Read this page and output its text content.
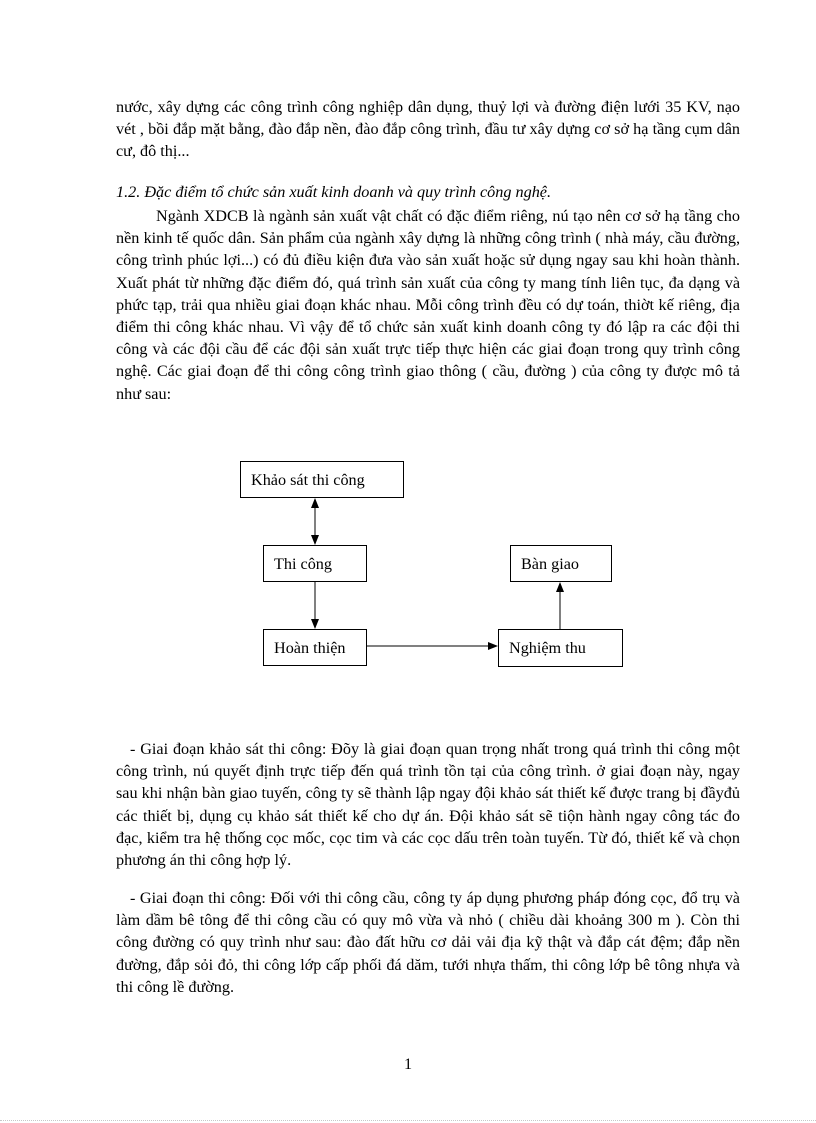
nước, xây dựng các công trình công nghiệp dân dụng, thuỷ lợi và đường điện lưới 35 KV, nạo vét , bồi đắp mặt bằng, đào đắp nền, đào đắp công trình, đầu tư xây dựng cơ sở hạ tầng cụm dân cư, đô thị...
1.2. Đặc điểm tổ chức sản xuất kinh doanh và quy trình công nghệ.
Ngành XDCB là ngành sản xuất vật chất có đặc điểm riêng, nú tạo nên cơ sở hạ tầng cho nền kinh tế quốc dân. Sản phẩm của ngành xây dựng là những công trình ( nhà máy, cầu đường, công trình phúc lợi...) có đủ điều kiện đưa vào sản xuất hoặc sử dụng ngay sau khi hoàn thành. Xuất phát từ những đặc điểm đó, quá trình sản xuất của công ty mang tính liên tục, đa dạng và phức tạp, trải qua nhiều giai đoạn khác nhau. Mỗi công trình đều có dự toán, thiờt kế riêng, địa điểm thi công khác nhau. Vì vậy để tổ chức sản xuất kinh doanh công ty đó lập ra các đội thi công và các đội cầu để các đội sản xuất trực tiếp thực hiện các giai đoạn trong quy trình công nghệ. Các giai đoạn để thi công công trình giao thông ( cầu, đường ) của công ty được mô tả như sau:
Khảo sát thi công
Thi công
Hoàn thiện	Nghiệm thu
Bàn giao
- Giai đoạn khảo sát thi công: Đõy là giai đoạn quan trọng nhất trong quá trình thi công một công trình, nú quyết định trực tiếp đến quá trình tồn tại của công trình. ở giai đoạn này, ngay sau khi nhận bàn giao tuyến, công ty sẽ thành lập ngay đội khảo sát thiết kế được trang bị đầyđủ các thiết bị, dụng cụ khảo sát thiết kế cho dự án. Đội khảo sát sẽ tiộn hành ngay công tác đo đạc, kiểm tra hệ thống cọc mốc, cọc tim và các cọc dấu trên toàn tuyến. Từ đó, thiết kế và chọn phương án thi công hợp lý.
- Giai đoạn thi công: Đối với thi công cầu, công ty áp dụng phương pháp đóng cọc, đổ trụ và làm dầm bê tông để thi công cầu có quy mô vừa và nhỏ ( chiều dài khoảng 300 m ). Còn thi công đường có quy trình như sau: đào đất hữu cơ dải vải địa kỹ thật và đắp cát đệm; đắp nền đường, đắp sỏi đỏ, thi công lớp cấp phối đá dăm, tưới nhựa thấm, thi công lớp bê tông nhựa và thi công lề đường.
1
